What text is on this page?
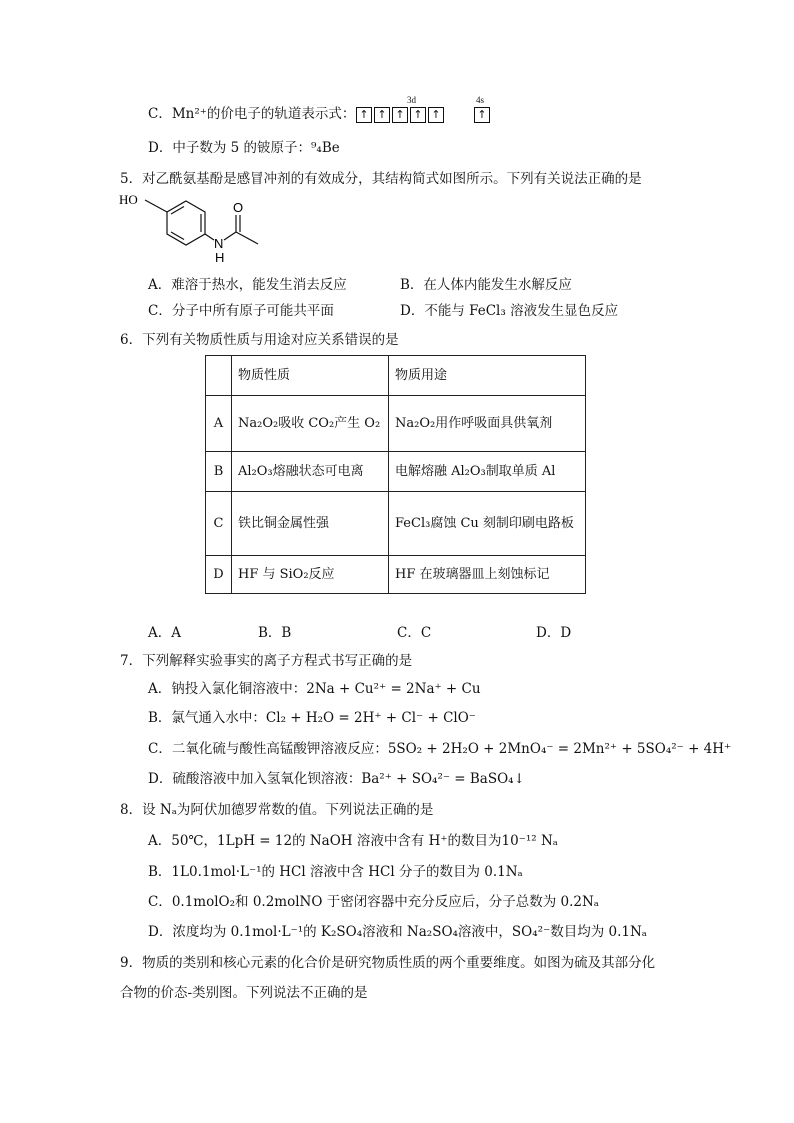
C．Mn²⁺的价电子的轨道表示式：
3d	4s
↑ ↑ ↑ ↑ ↑	↑
D．中子数为 5 的铍原子：⁹₄Be
5．对乙酰氨基酚是感冒冲剂的有效成分，其结构简式如图所示。下列有关说法正确的是
HO
N
H
O
A．难溶于热水，能发生消去反应	B．在人体内能发生水解反应
C．分子中所有原子可能共平面	D．不能与 FeCl₃ 溶液发生显色反应
6．下列有关物质性质与用途对应关系错误的是
	物质性质	物质用途
A	Na₂O₂吸收 CO₂产生 O₂	Na₂O₂用作呼吸面具供氧剂
B	Al₂O₃熔融状态可电离	电解熔融 Al₂O₃制取单质 Al
C	铁比铜金属性强	FeCl₃腐蚀 Cu 刻制印刷电路板
D	HF 与 SiO₂反应	HF 在玻璃器皿上刻蚀标记
A．A	B．B	C．C	D．D
7．下列解释实验事实的离子方程式书写正确的是
A．钠投入氯化铜溶液中：2Na + Cu²⁺ = 2Na⁺ + Cu
B．氯气通入水中：Cl₂ + H₂O = 2H⁺ + Cl⁻ + ClO⁻
C．二氧化硫与酸性高锰酸钾溶液反应：5SO₂ + 2H₂O + 2MnO₄⁻ = 2Mn²⁺ + 5SO₄²⁻ + 4H⁺
D．硫酸溶液中加入氢氧化钡溶液：Ba²⁺ + SO₄²⁻ = BaSO₄↓
8．设 Nₐ为阿伏加德罗常数的值。下列说法正确的是
A．50℃，1LpH = 12的 NaOH 溶液中含有 H⁺的数目为10⁻¹² Nₐ
B．1L0.1mol·L⁻¹的 HCl 溶液中含 HCl 分子的数目为 0.1Nₐ
C．0.1molO₂和 0.2molNO 于密闭容器中充分反应后，分子总数为 0.2Nₐ
D．浓度均为 0.1mol·L⁻¹的 K₂SO₄溶液和 Na₂SO₄溶液中，SO₄²⁻数目均为 0.1Nₐ
9．物质的类别和核心元素的化合价是研究物质性质的两个重要维度。如图为硫及其部分化
合物的价态-类别图。下列说法不正确的是
